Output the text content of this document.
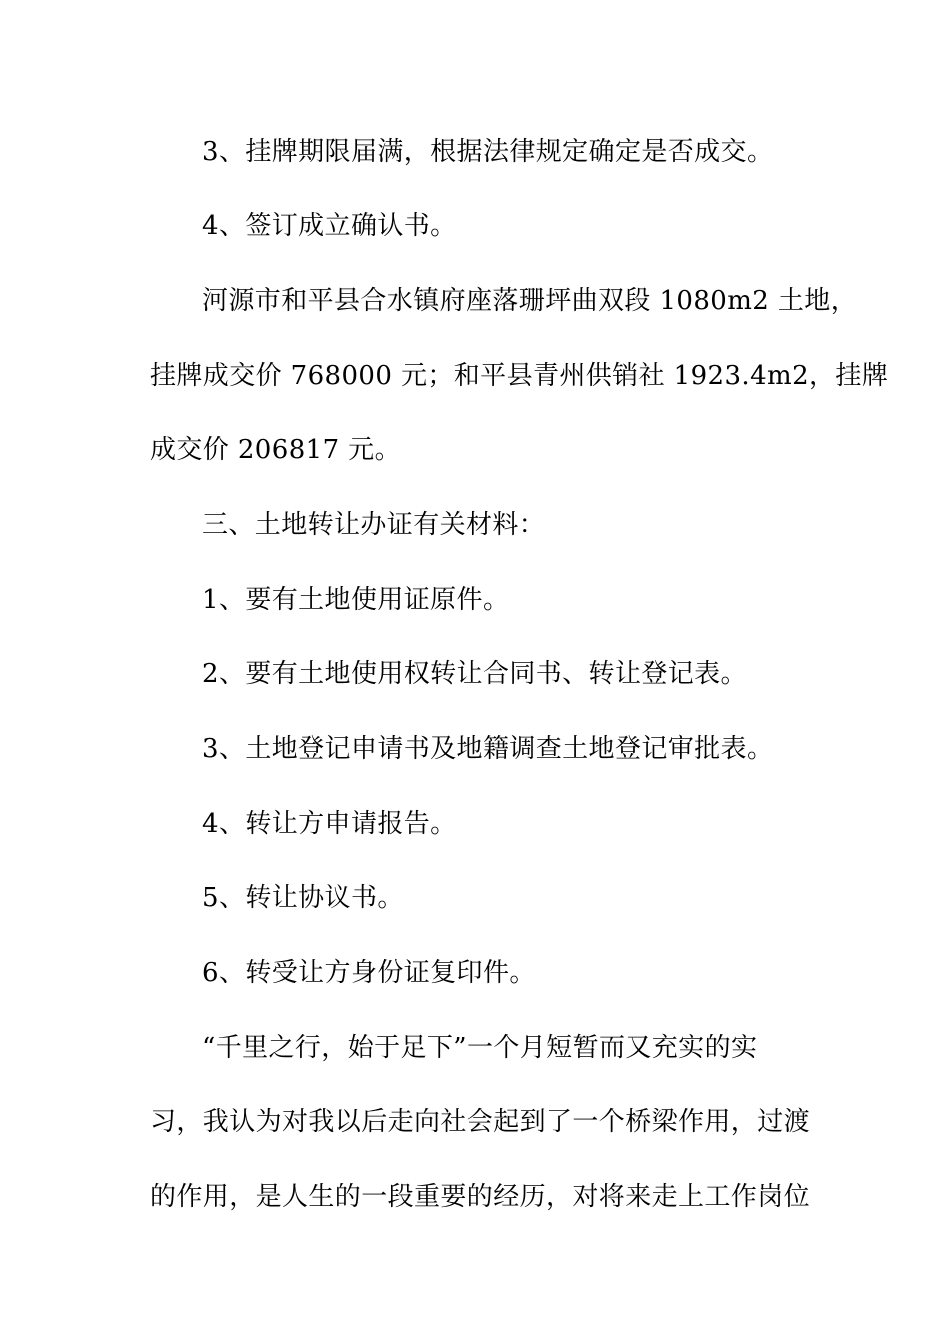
3、挂牌期限届满，根据法律规定确定是否成交。
4、签订成立确认书。
河源市和平县合水镇府座落珊坪曲双段 1080m2 土地，
挂牌成交价 768000 元；和平县青州供销社 1923.4m2，挂牌
成交价 206817 元。
三、土地转让办证有关材料：
1、要有土地使用证原件。
2、要有土地使用权转让合同书、转让登记表。
3、土地登记申请书及地籍调查土地登记审批表。
4、转让方申请报告。
5、转让协议书。
6、转受让方身份证复印件。
“千里之行，始于足下”一个月短暂而又充实的实
习，我认为对我以后走向社会起到了一个桥梁作用，过渡
的作用，是人生的一段重要的经历，对将来走上工作岗位
